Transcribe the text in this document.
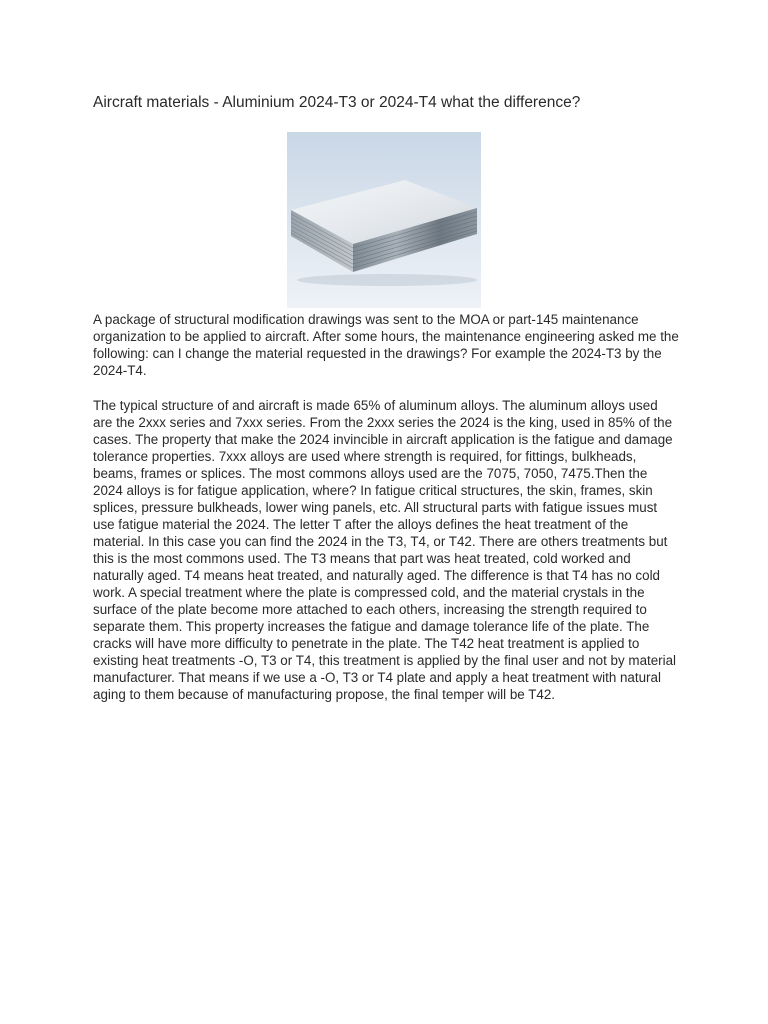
Aircraft materials - Aluminium 2024-T3 or 2024-T4 what the difference?

A package of structural modification drawings was sent to the MOA or part-145 maintenance organization to be applied to aircraft. After some hours, the maintenance engineering asked me the following: can I change the material requested in the drawings? For example the 2024-T3 by the 2024-T4.

The typical structure of and aircraft is made 65% of aluminum alloys. The aluminum alloys used are the 2xxx series and 7xxx series. From the 2xxx series the 2024 is the king, used in 85% of the cases. The property that make the 2024 invincible in aircraft application is the fatigue and damage tolerance properties. 7xxx alloys are used where strength is required, for fittings, bulkheads, beams, frames or splices. The most commons alloys used are the 7075, 7050, 7475.Then the 2024 alloys is for fatigue application, where? In fatigue critical structures, the skin, frames, skin splices, pressure bulkheads, lower wing panels, etc. All structural parts with fatigue issues must use fatigue material the 2024. The letter T after the alloys defines the heat treatment of the material. In this case you can find the 2024 in the T3, T4, or T42. There are others treatments but this is the most commons used. The T3 means that part was heat treated, cold worked and naturally aged. T4 means heat treated, and naturally aged. The difference is that T4 has no cold work. A special treatment where the plate is compressed cold, and the material crystals in the surface of the plate become more attached to each others, increasing the strength required to separate them. This property increases the fatigue and damage tolerance life of the plate. The cracks will have more difficulty to penetrate in the plate. The T42 heat treatment is applied to existing heat treatments -O, T3 or T4, this treatment is applied by the final user and not by material manufacturer. That means if we use a -O, T3 or T4 plate and apply a heat treatment with natural aging to them because of manufacturing propose, the final temper will be T42.
